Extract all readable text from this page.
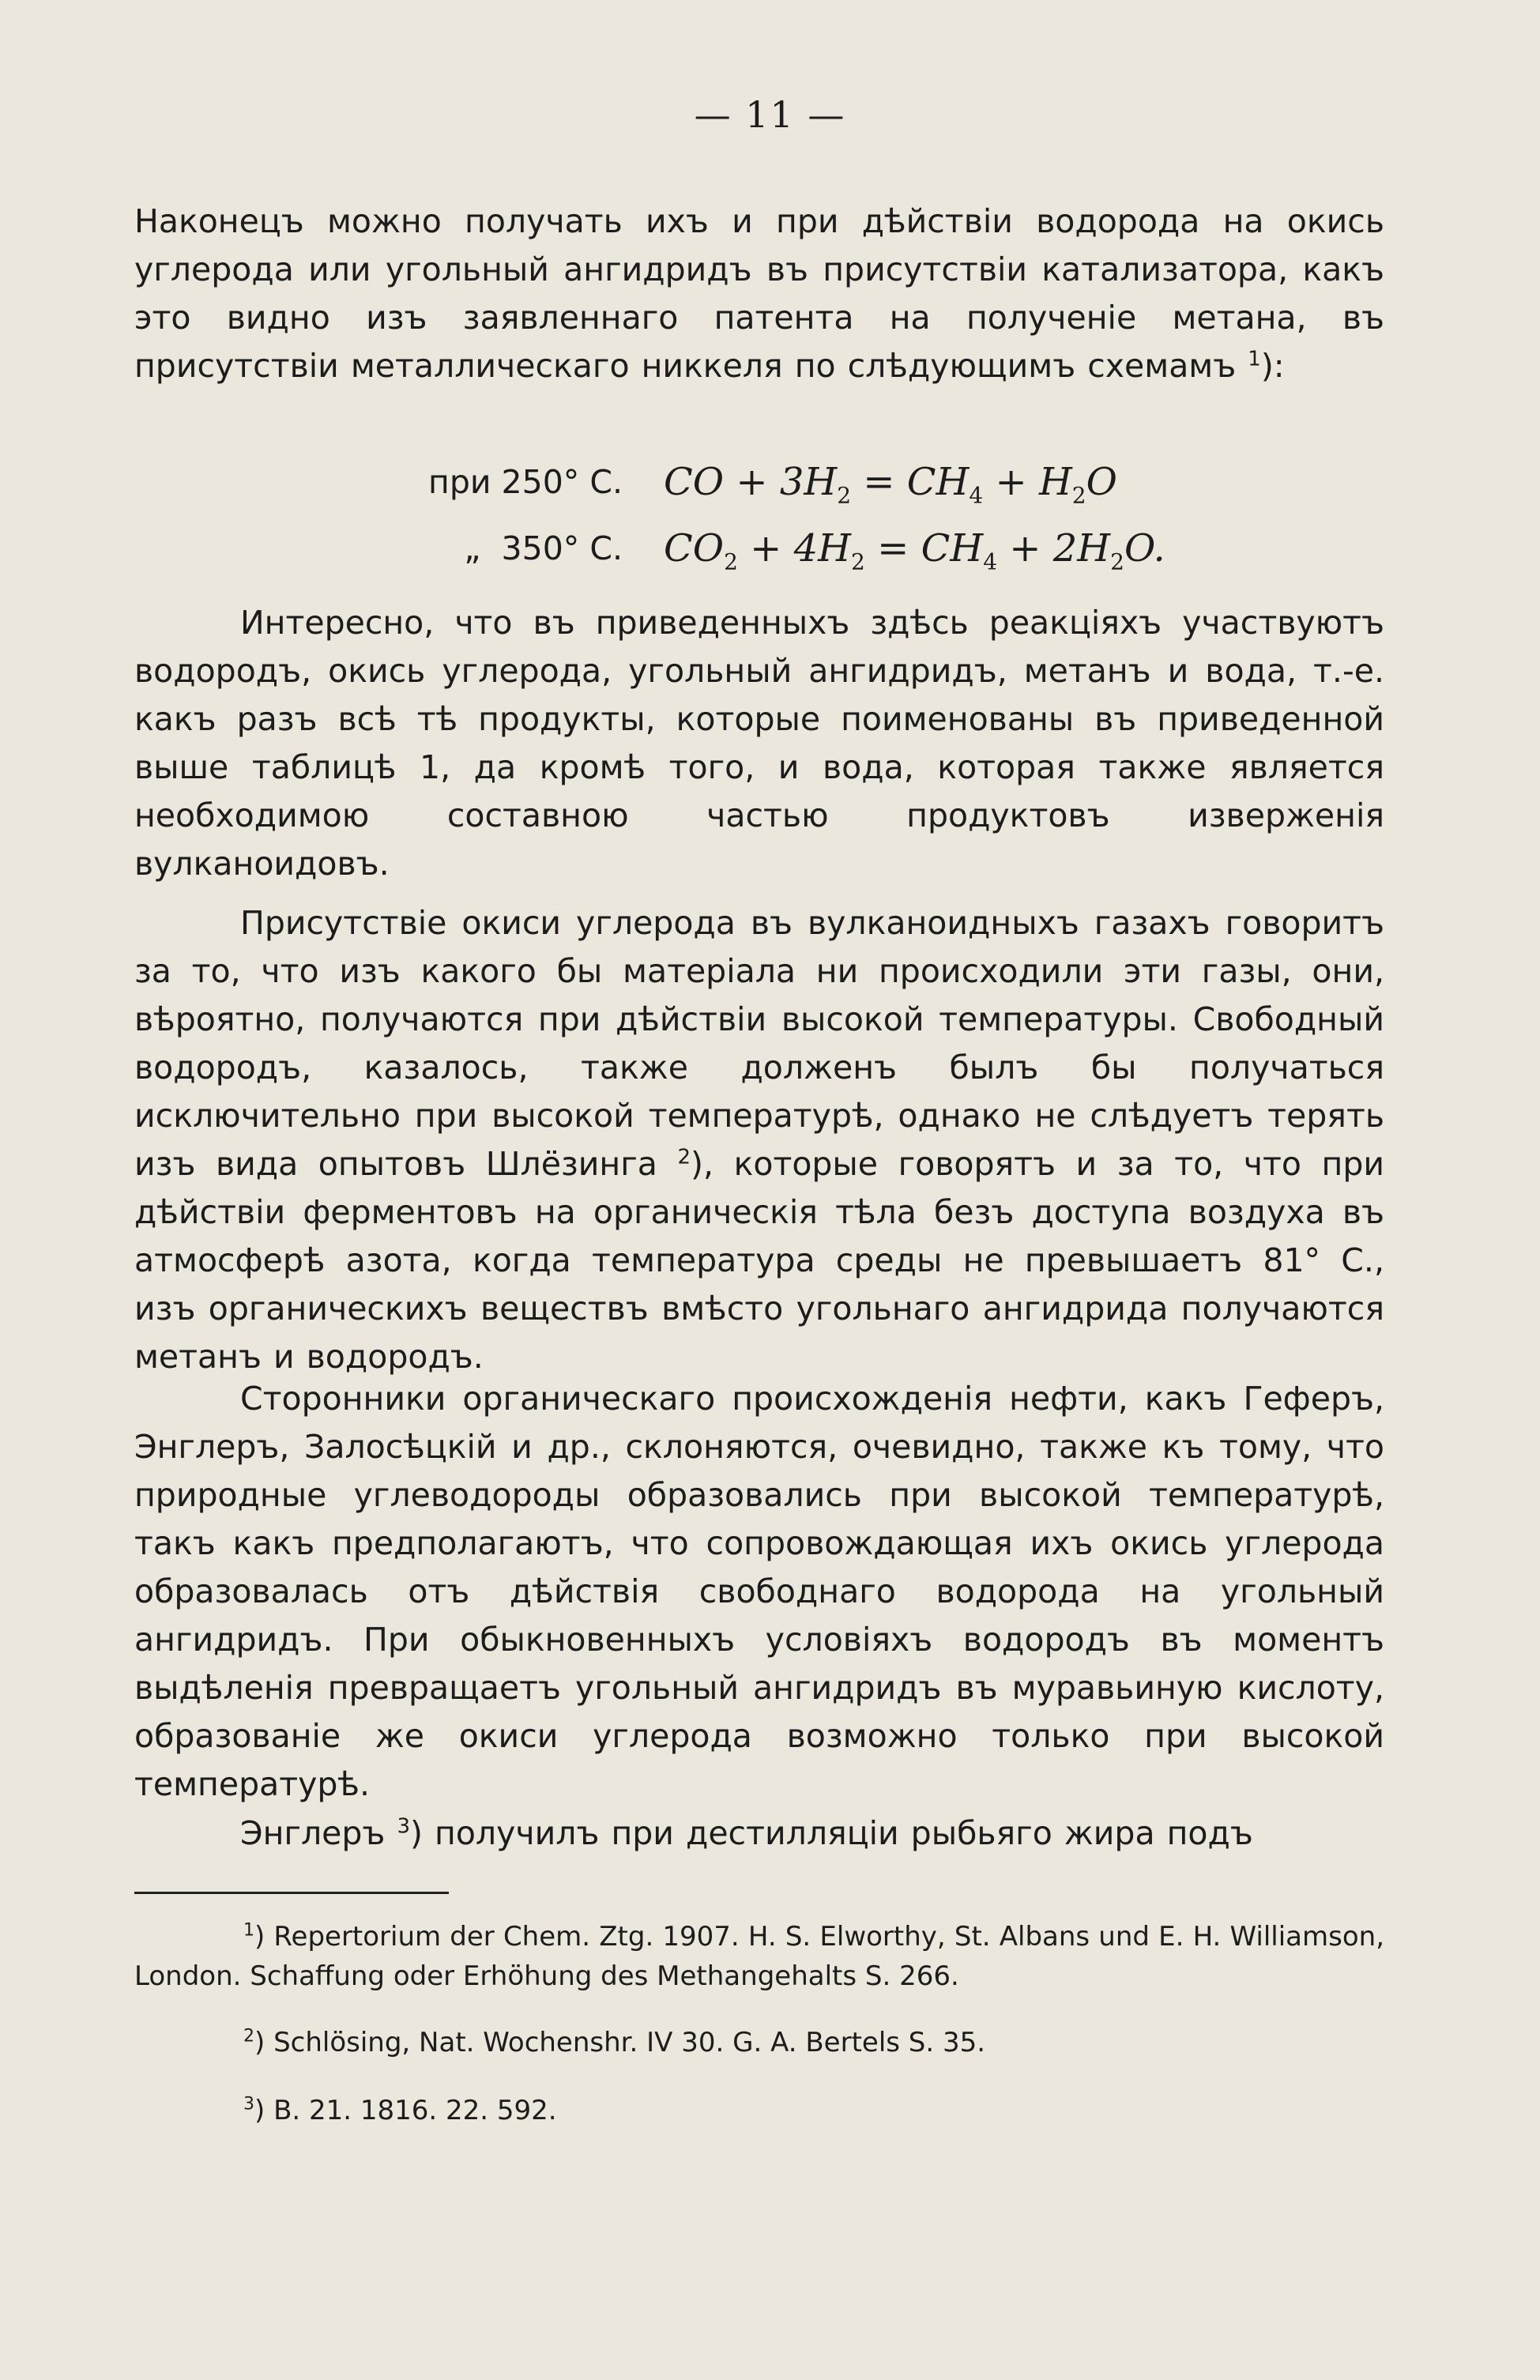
— 11 —

Наконецъ можно получать ихъ и при дѣйствіи водорода на окись углерода или угольный ангидридъ въ присутствіи катализатора, какъ это видно изъ заявленнаго патента на полученіе метана, въ присутствіи металлическаго никкеля по слѣдующимъ схемамъ $^1$):

при 250° С. CO + $3H_2 = CH_4 + H_2O$
„  350° С. $CO_2 + 4H_2 = CH_4 + 2H_2O$.

Интересно, что въ приведенныхъ здѣсь реакціяхъ участвуютъ водородъ, окись углерода, угольный ангидридъ, метанъ и вода, т.-е. какъ разъ всѣ тѣ продукты, которые поименованы въ приведенной выше таблицѣ 1, да кромѣ того, и вода, которая также является необходимою составною частью продуктовъ изверженія вулканоидовъ.

Присутствіе окиси углерода въ вулканоидныхъ газахъ говоритъ за то, что изъ какого бы матеріала ни происходили эти газы, они, вѣроятно, получаются при дѣйствіи высокой температуры. Свободный водородъ, казалось, также долженъ былъ бы получаться исключительно при высокой температурѣ, однако не слѣдуетъ терять изъ вида опытовъ Шлёзинга $^2$), которые говорятъ и за то, что при дѣйствіи ферментовъ на органическія тѣла безъ доступа воздуха въ атмосферѣ азота, когда температура среды не превышаетъ 81° С., изъ органическихъ веществъ вмѣсто угольнаго ангидрида получаются метанъ и водородъ.

Сторонники органическаго происхожденія нефти, какъ Геферъ, Энглеръ, Залосѣцкій и др., склоняются, очевидно, также къ тому, что природные углеводороды образовались при высокой температурѣ, такъ какъ предполагаютъ, что сопровождающая ихъ окись углерода образовалась отъ дѣйствія свободнаго водорода на угольный ангидридъ. При обыкновенныхъ условіяхъ водородъ въ моментъ выдѣленія превращаетъ угольный ангидридъ въ муравьиную кислоту, образованіе же окиси углерода возможно только при высокой температурѣ.

Энглеръ $^3$) получилъ при дестилляціи рыбьяго жира подъ

$^1$) Repertorium der Chem. Ztg. 1907. H. S. Elworthy, St. Albans und E. H. Williamson, London. Schaffung oder Erhöhung des Methangehalts S. 266.

$^2$) Schlösing, Nat. Wochenshr. IV 30. G. A. Bertels S. 35.

$^3$) B. 21. 1816. 22. 592.
